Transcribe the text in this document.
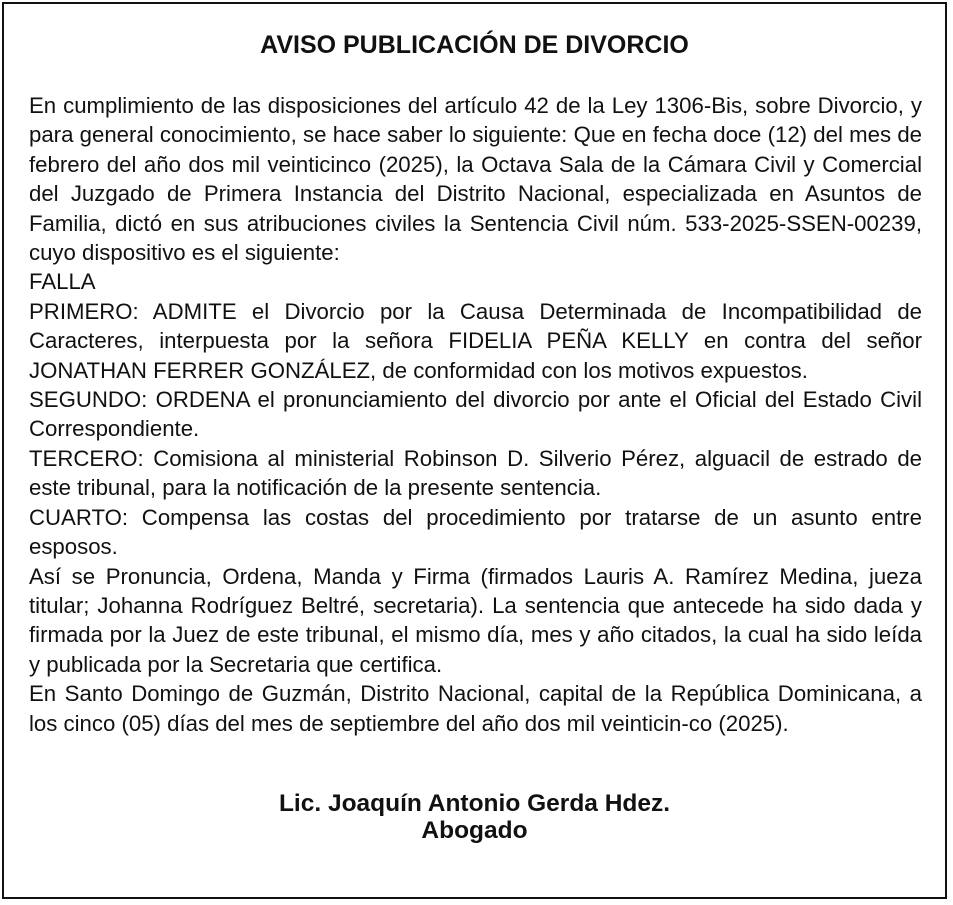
AVISO PUBLICACIÓN DE DIVORCIO

En cumplimiento de las disposiciones del artículo 42 de la Ley 1306-Bis, sobre Divorcio, y para general conocimiento, se hace saber lo siguiente: Que en fecha doce (12) del mes de febrero del año dos mil veinticinco (2025), la Octava Sala de la Cámara Civil y Comercial del Juzgado de Primera Instancia del Distrito Nacional, especializada en Asuntos de Familia, dictó en sus atribuciones civiles la Sentencia Civil núm. 533-2025-SSEN-00239, cuyo dispositivo es el siguiente:

FALLA

PRIMERO: ADMITE el Divorcio por la Causa Determinada de Incompatibilidad de Caracteres, interpuesta por la señora FIDELIA PEÑA KELLY en contra del señor JONATHAN FERRER GONZÁLEZ, de conformidad con los motivos expuestos.

SEGUNDO: ORDENA el pronunciamiento del divorcio por ante el Oficial del Estado Civil Correspondiente.

TERCERO: Comisiona al ministerial Robinson D. Silverio Pérez, alguacil de estrado de este tribunal, para la notificación de la presente sentencia.

CUARTO: Compensa las costas del procedimiento por tratarse de un asunto entre esposos.

Así se Pronuncia, Ordena, Manda y Firma (firmados Lauris A. Ramírez Medina, jueza titular; Johanna Rodríguez Beltré, secretaria). La sentencia que antecede ha sido dada y firmada por la Juez de este tribunal, el mismo día, mes y año citados, la cual ha sido leída y publicada por la Secretaria que certifica.

En Santo Domingo de Guzmán, Distrito Nacional, capital de la República Dominicana, a los cinco (05) días del mes de septiembre del año dos mil veinticin-co (2025).

Lic. Joaquín Antonio Gerda Hdez.
Abogado
